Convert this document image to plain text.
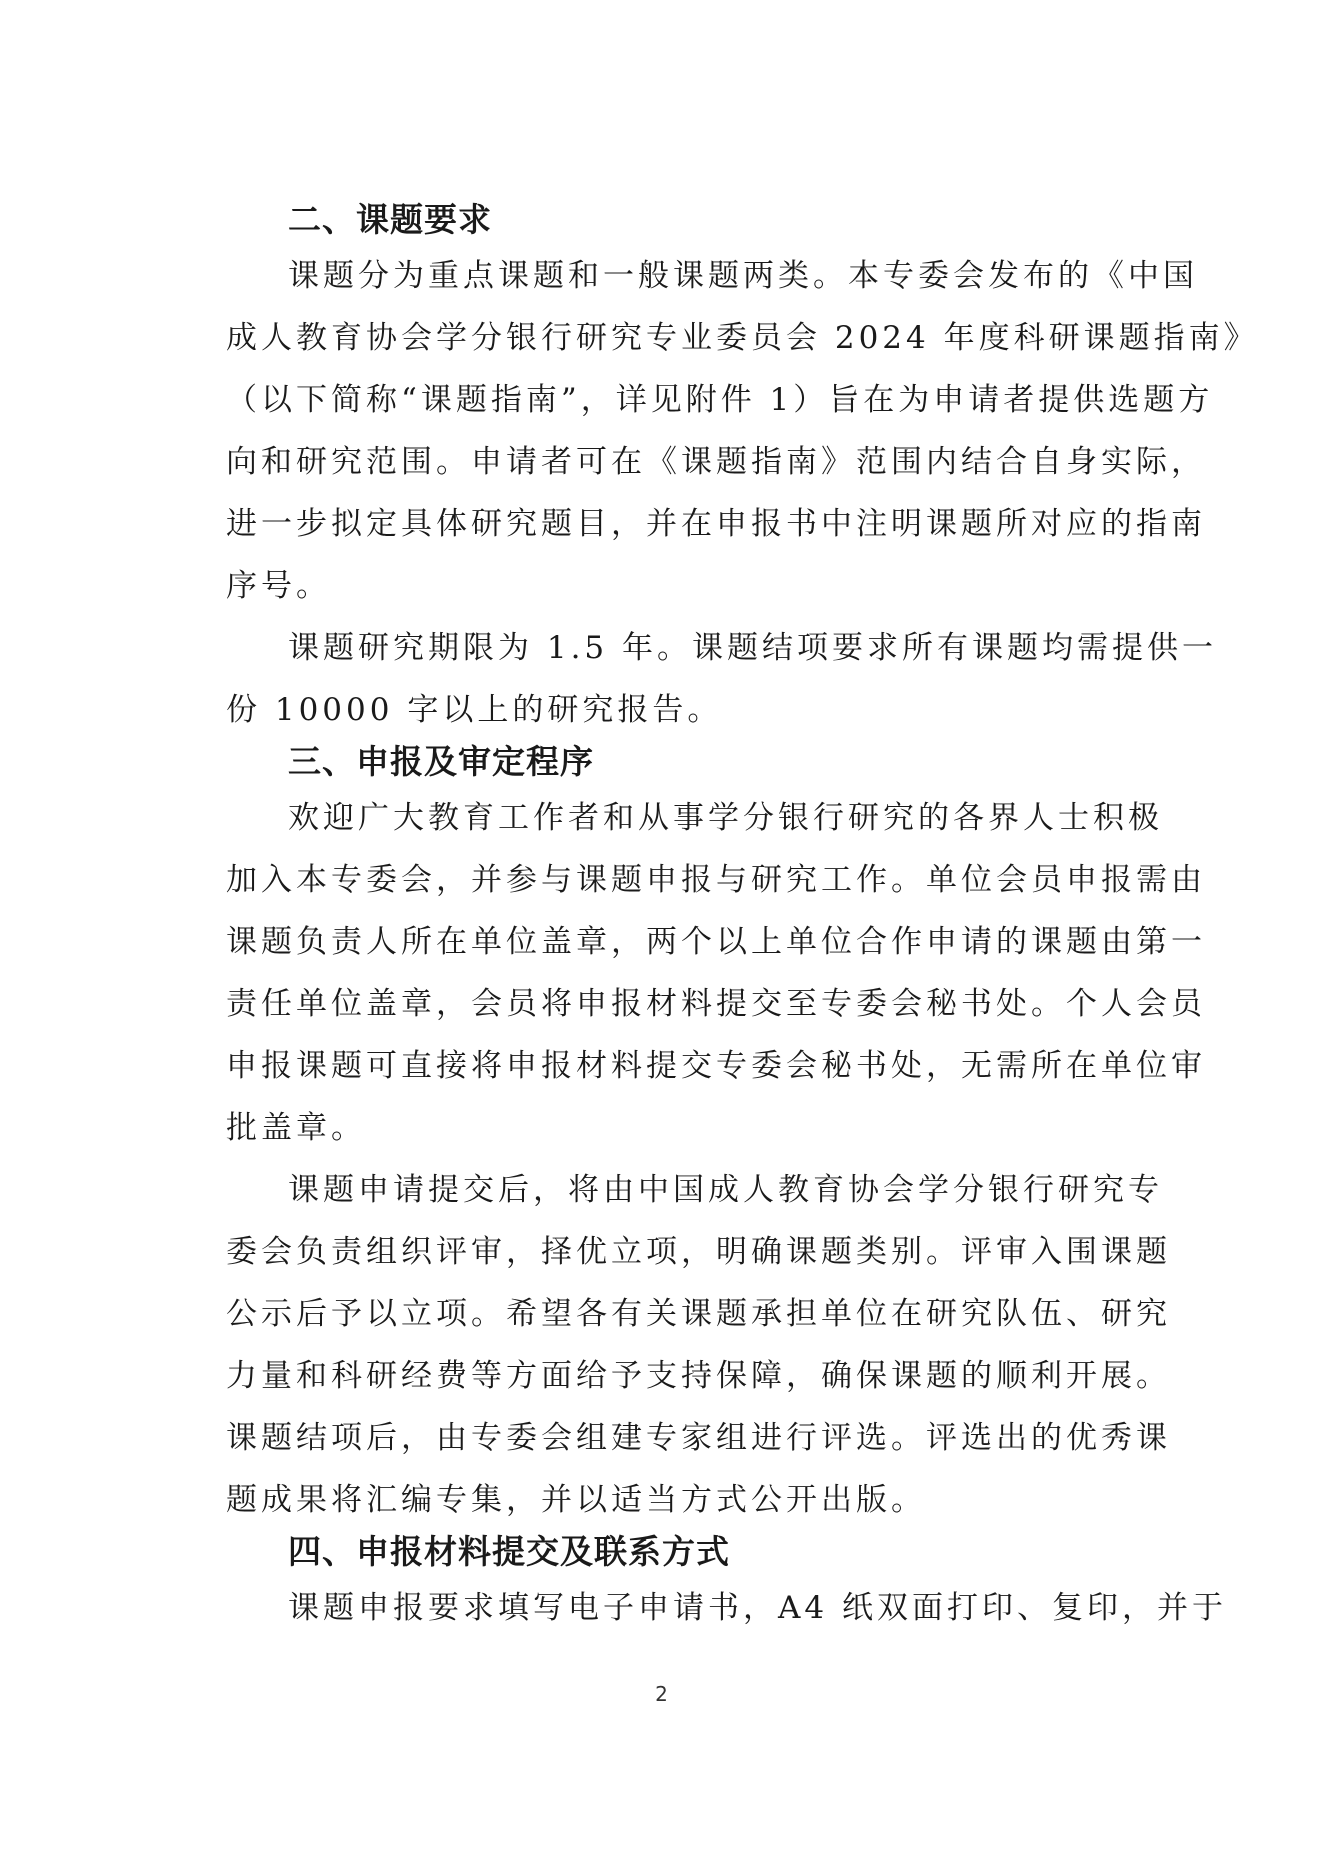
二、课题要求
课题分为重点课题和一般课题两类。本专委会发布的《中国
成人教育协会学分银行研究专业委员会 2024 年度科研课题指南》
（以下简称“课题指南”，详见附件 1）旨在为申请者提供选题方
向和研究范围。申请者可在《课题指南》范围内结合自身实际，
进一步拟定具体研究题目，并在申报书中注明课题所对应的指南
序号。
课题研究期限为 1.5 年。课题结项要求所有课题均需提供一
份 10000 字以上的研究报告。
三、申报及审定程序
欢迎广大教育工作者和从事学分银行研究的各界人士积极
加入本专委会，并参与课题申报与研究工作。单位会员申报需由
课题负责人所在单位盖章，两个以上单位合作申请的课题由第一
责任单位盖章，会员将申报材料提交至专委会秘书处。个人会员
申报课题可直接将申报材料提交专委会秘书处，无需所在单位审
批盖章。
课题申请提交后，将由中国成人教育协会学分银行研究专
委会负责组织评审，择优立项，明确课题类别。评审入围课题
公示后予以立项。希望各有关课题承担单位在研究队伍、研究
力量和科研经费等方面给予支持保障，确保课题的顺利开展。
课题结项后，由专委会组建专家组进行评选。评选出的优秀课
题成果将汇编专集，并以适当方式公开出版。
四、申报材料提交及联系方式
课题申报要求填写电子申请书，A4 纸双面打印、复印，并于
2
